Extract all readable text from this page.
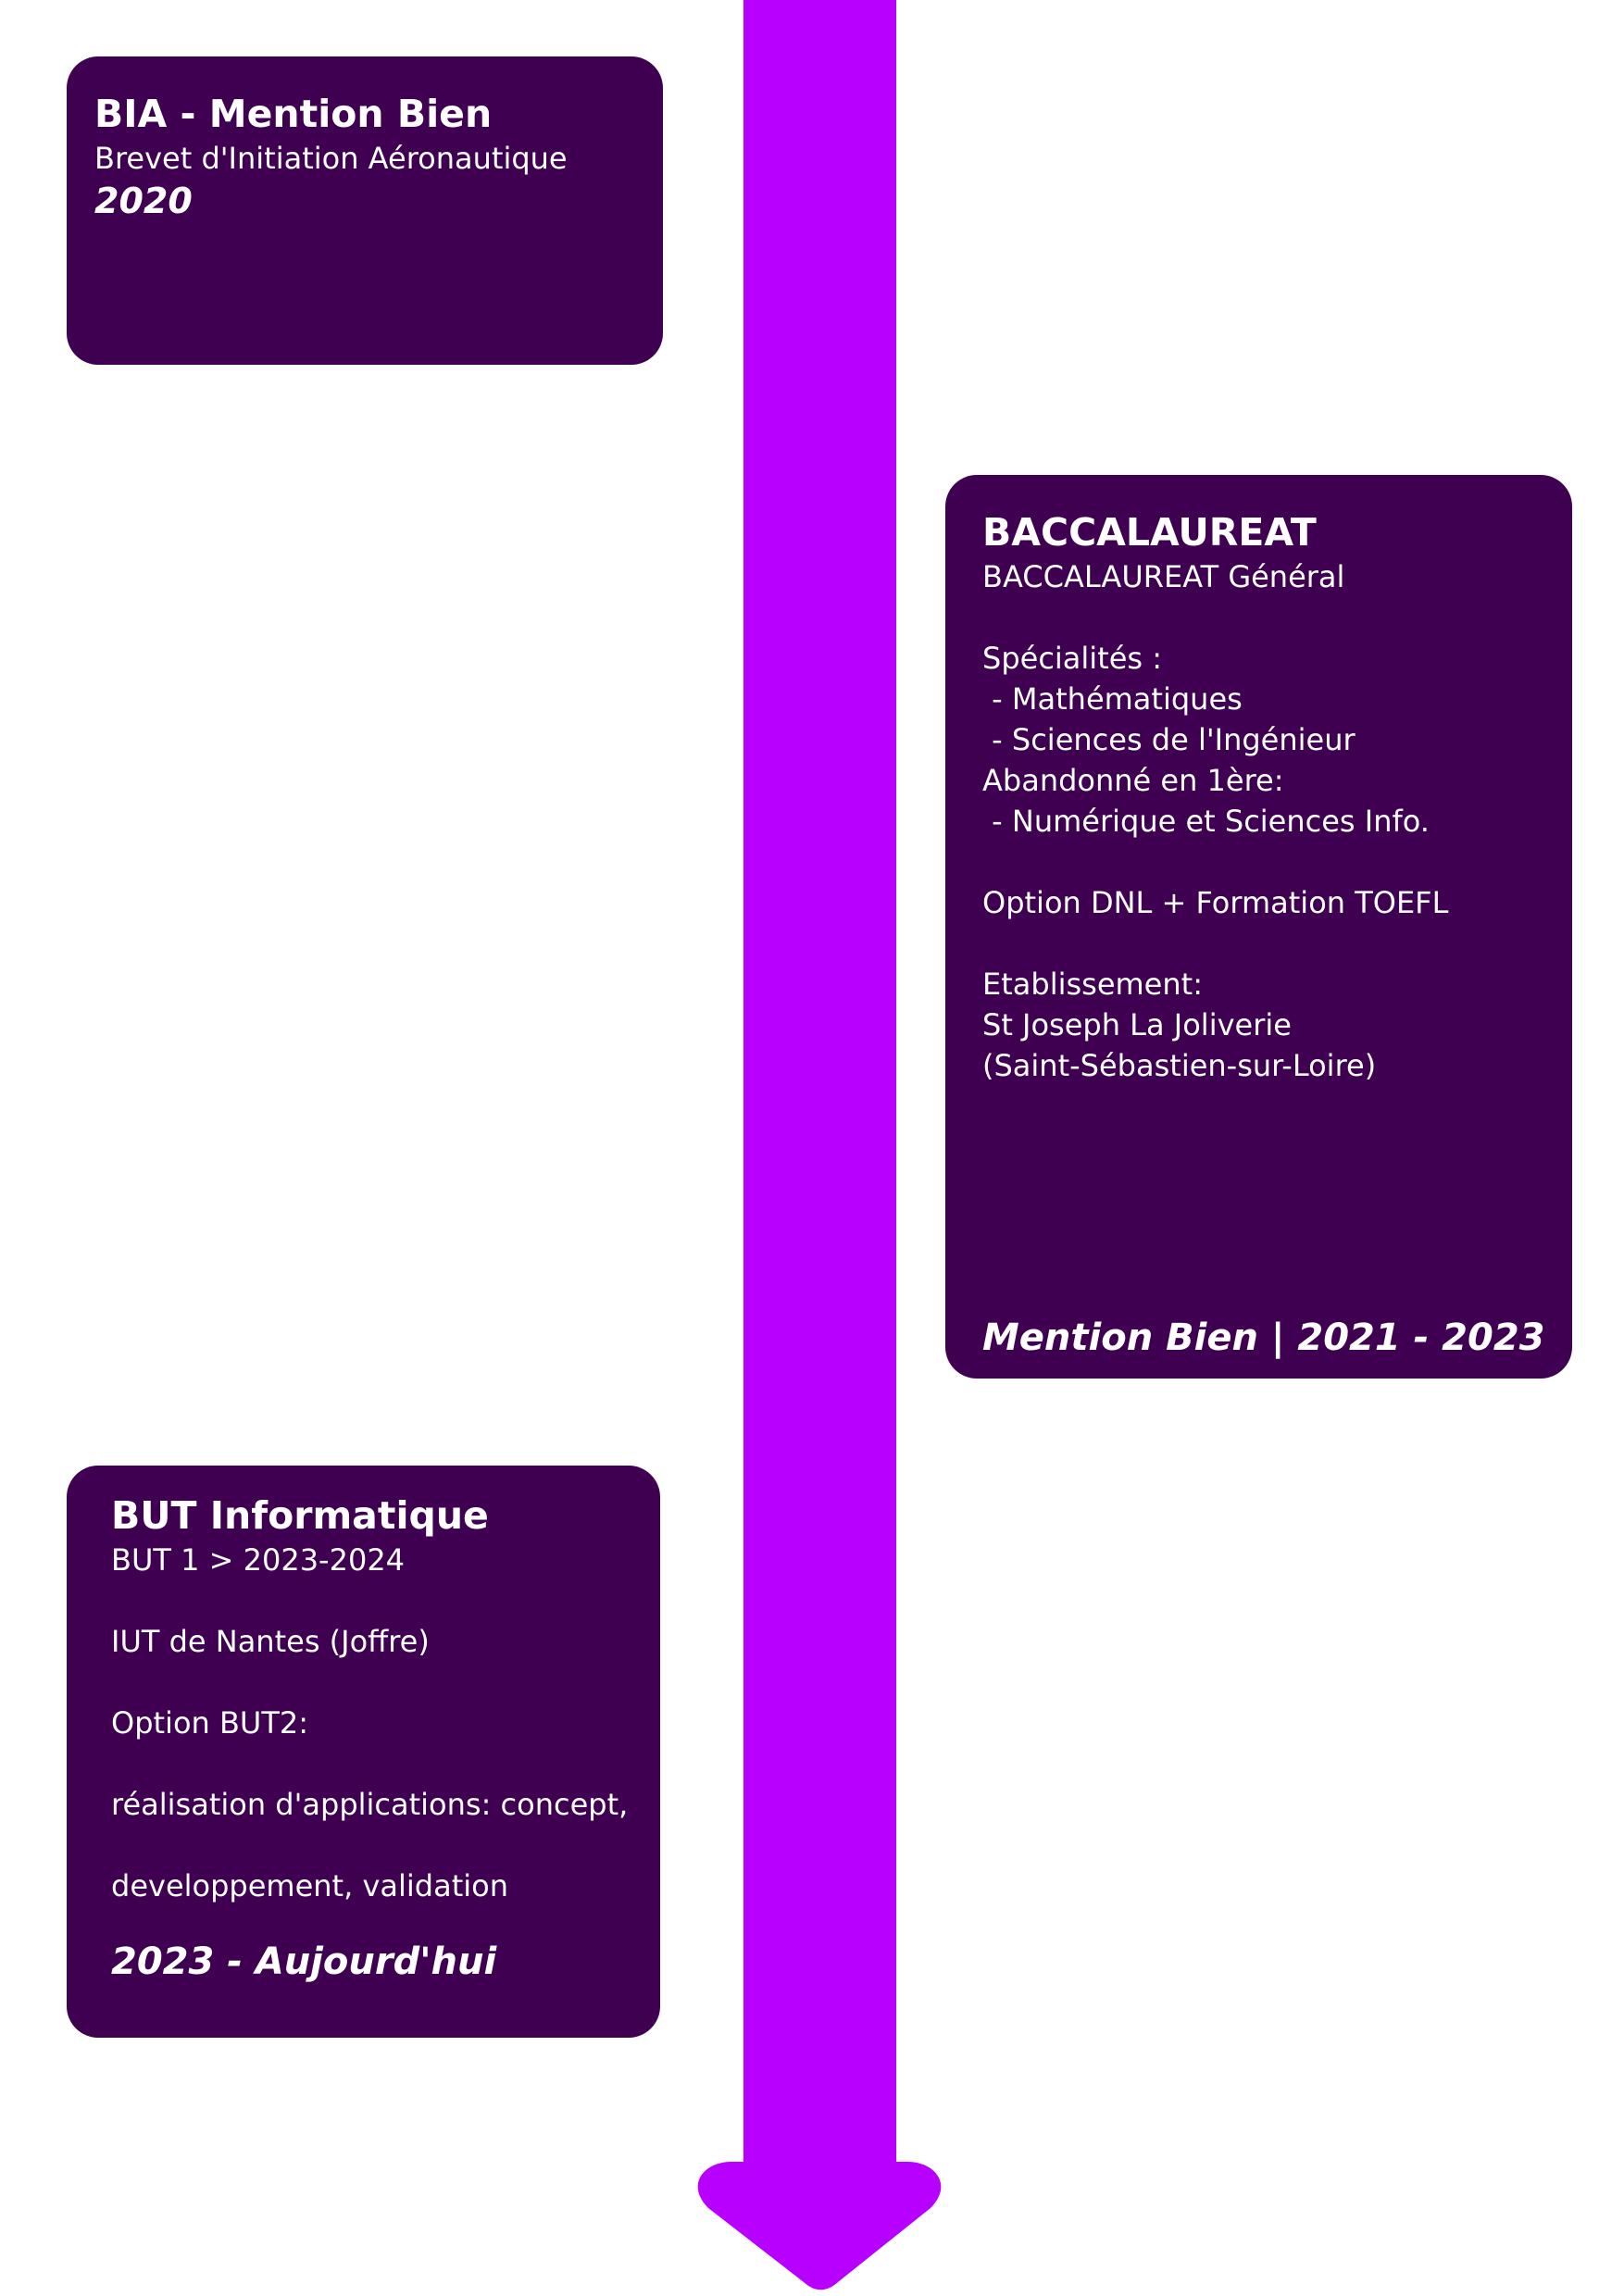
BIA - Mention Bien

Brevet d'Initiation Aéronautique

2020

BACCALAUREAT

BACCALAUREAT Général

Spécialités :

- Mathématiques

- Sciences de l'Ingénieur

Abandonné en 1ère:

- Numérique et Sciences Info.

Option DNL + Formation TOEFL

Etablissement:

St Joseph La Joliverie

(Saint-Sébastien-sur-Loire)

Mention Bien | 2021 - 2023

BUT Informatique

BUT 1 > 2023-2024

IUT de Nantes (Joffre)

Option BUT2:

réalisation d'applications: concept,

developpement, validation

2023 - Aujourd'hui
